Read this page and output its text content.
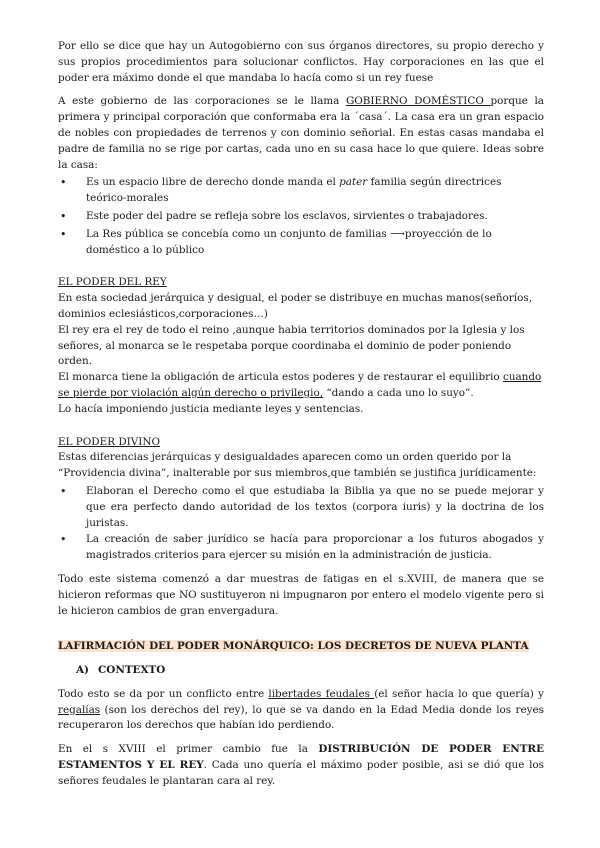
Por ello se dice que hay un Autogobierno con sus órganos directores, su propio derecho y sus propios procedimientos para solucionar conflictos. Hay corporaciones en las que el poder era máximo donde el que mandaba lo hacía como si un rey fuese

A este gobierno de las corporaciones se le llama GOBIERNO DOMÉSTICO porque la primera y principal corporación que conformaba era la ´casa´. La casa era un gran espacio de nobles con propiedades de terrenos y con dominio señorial. En estas casas mandaba el padre de familia no se rige por cartas, cada uno en su casa hace lo que quiere. Ideas sobre la casa:

• Es un espacio libre de derecho donde manda el pater familia según directrices teórico-morales
• Este poder del padre se refleja sobre los esclavos, sirvientes o trabajadores.
• La Res pública se concebía como un conjunto de familias ⟶proyección de lo doméstico a lo público

EL PODER DEL REY

En esta sociedad jerárquica y desigual, el poder se distribuye en muchas manos(señoríos, dominios eclesiásticos,corporaciones…)

El rey era el rey de todo el reino ,aunque habia territorios dominados por la Iglesia y los señores, al monarca se le respetaba porque coordinaba el dominio de poder poniendo orden.

El monarca tiene la obligación de articula estos poderes y de restaurar el equilibrio cuando se pierde por violación algún derecho o privilegio, “dando a cada uno lo suyo”.

Lo hacía imponiendo justicia mediante leyes y sentencias.

EL PODER DIVINO

Estas diferencias jerárquicas y desigualdades aparecen como un orden querido por la “Providencia divina”, inalterable por sus miembros,que también se justifica jurídicamente:

• Elaboran el Derecho como el que estudiaba la Biblia ya que no se puede mejorar y que era perfecto dando autoridad de los textos (corpora iuris) y la doctrina de los juristas.
• La creación de saber jurídico se hacía para proporcionar a los futuros abogados y magistrados criterios para ejercer su misión en la administración de justicia.

Todo este sistema comenzó a dar muestras de fatigas en el s.XVIII, de manera que se hicieron reformas que NO sustituyeron ni impugnaron por entero el modelo vigente pero si le hicieron cambios de gran envergadura.

LAFIRMACIÓN DEL PODER MONÁRQUICO: LOS DECRETOS DE NUEVA PLANTA

A) CONTEXTO

Todo esto se da por un conflicto entre libertades feudales (el señor hacia lo que quería) y regalías (son los derechos del rey), lo que se va dando en la Edad Media donde los reyes recuperaron los derechos que habían ido perdiendo.

En el s XVIII el primer cambio fue la DISTRIBUCIÓN DE PODER ENTRE ESTAMENTOS Y EL REY. Cada uno quería el máximo poder posible, asi se dió que los señores feudales le plantaran cara al rey.
